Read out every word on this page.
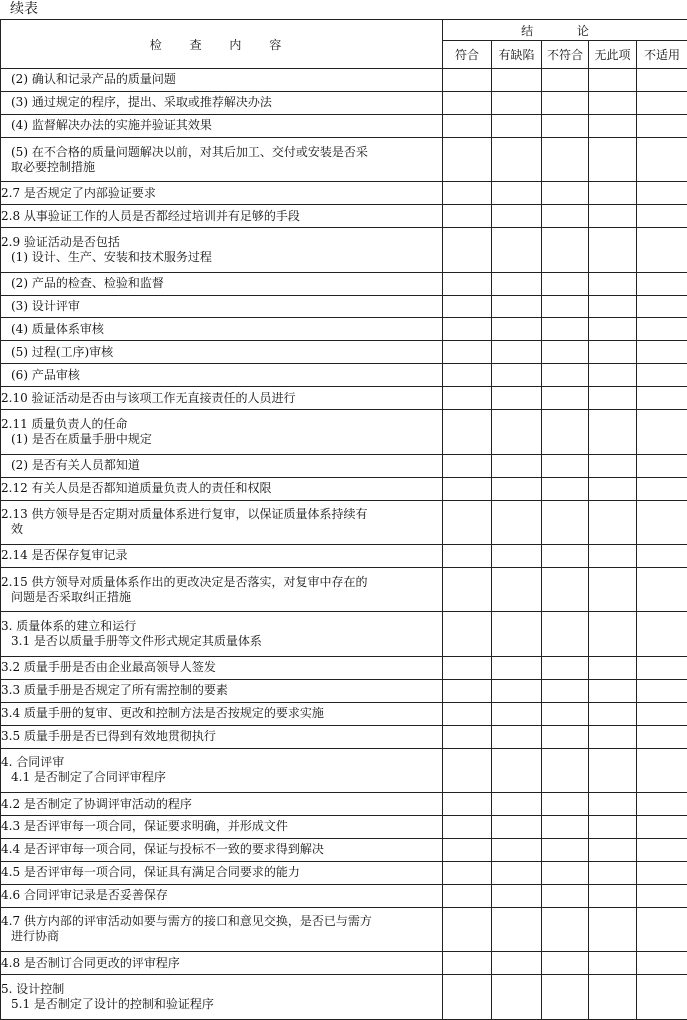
续表
检 查 内 容	结 论				
	符合	有缺陷	不符合	无此项	不适用

(2) 确认和记录产品的质量问题					

(3) 通过规定的程序，提出、采取或推荐解决办法					

(4) 监督解决办法的实施并验证其效果					

(5) 在不合格的质量问题解决以前，对其后加工、交付或安装是否采
取必要控制措施					

2.7 是否规定了内部验证要求					

2.8 从事验证工作的人员是否都经过培训并有足够的手段					

2.9 验证活动是否包括
(1) 设计、生产、安装和技术服务过程					

(2) 产品的检查、检验和监督					

(3) 设计评审					

(4) 质量体系审核					

(5) 过程(工序)审核					

(6) 产品审核					

2.10 验证活动是否由与该项工作无直接责任的人员进行					

2.11 质量负责人的任命
(1) 是否在质量手册中规定					

(2) 是否有关人员都知道					

2.12 有关人员是否都知道质量负责人的责任和权限					

2.13 供方领导是否定期对质量体系进行复审，以保证质量体系持续有
效					

2.14 是否保存复审记录					

2.15 供方领导对质量体系作出的更改决定是否落实，对复审中存在的
问题是否采取纠正措施					

3. 质量体系的建立和运行
3.1 是否以质量手册等文件形式规定其质量体系					

3.2 质量手册是否由企业最高领导人签发					

3.3 质量手册是否规定了所有需控制的要素					

3.4 质量手册的复审、更改和控制方法是否按规定的要求实施					

3.5 质量手册是否已得到有效地贯彻执行					

4. 合同评审
4.1 是否制定了合同评审程序					

4.2 是否制定了协调评审活动的程序					

4.3 是否评审每一项合同，保证要求明确，并形成文件					

4.4 是否评审每一项合同，保证与投标不一致的要求得到解决					

4.5 是否评审每一项合同，保证具有满足合同要求的能力					

4.6 合同评审记录是否妥善保存					

4.7 供方内部的评审活动如要与需方的接口和意见交换，是否已与需方
进行协商					

4.8 是否制订合同更改的评审程序					

5. 设计控制
5.1 是否制定了设计的控制和验证程序					
